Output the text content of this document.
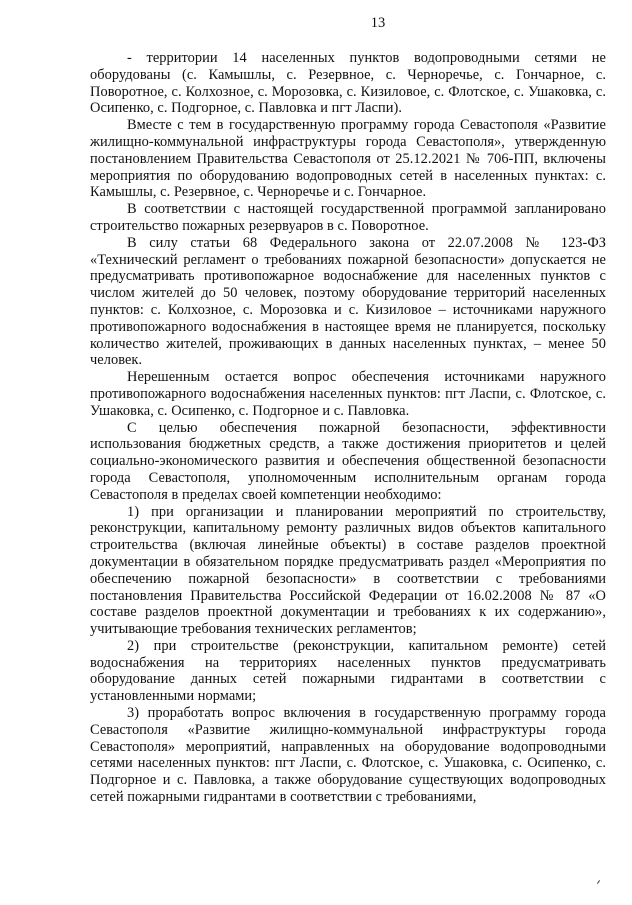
13

- территории 14 населенных пунктов водопроводными сетями не оборудованы (с. Камышлы, с. Резервное, с. Черноречье, с. Гончарное, с. Поворотное, с. Колхозное, с. Морозовка, с. Кизиловое, с. Флотское, с. Ушаковка, с. Осипенко, с. Подгорное, с. Павловка и пгт Ласпи).

Вместе с тем в государственную программу города Севастополя «Развитие жилищно-коммунальной инфраструктуры города Севастополя», утвержденную постановлением Правительства Севастополя от 25.12.2021 № 706-ПП, включены мероприятия по оборудованию водопроводных сетей в населенных пунктах: с. Камышлы, с. Резервное, с. Черноречье и с. Гончарное.

В соответствии с настоящей государственной программой запланировано строительство пожарных резервуаров в с. Поворотное.

В силу статьи 68 Федерального закона от 22.07.2008 № 123-ФЗ «Технический регламент о требованиях пожарной безопасности» допускается не предусматривать противопожарное водоснабжение для населенных пунктов с числом жителей до 50 человек, поэтому оборудование территорий населенных пунктов: с. Колхозное, с. Морозовка и с. Кизиловое – источниками наружного противопожарного водоснабжения в настоящее время не планируется, поскольку количество жителей, проживающих в данных населенных пунктах, – менее 50 человек.

Нерешенным остается вопрос обеспечения источниками наружного противопожарного водоснабжения населенных пунктов: пгт Ласпи, с. Флотское, с. Ушаковка, с. Осипенко, с. Подгорное и с. Павловка.

С целью обеспечения пожарной безопасности, эффективности использования бюджетных средств, а также достижения приоритетов и целей социально-экономического развития и обеспечения общественной безопасности города Севастополя, уполномоченным исполнительным органам города Севастополя в пределах своей компетенции необходимо:

1) при организации и планировании мероприятий по строительству, реконструкции, капитальному ремонту различных видов объектов капитального строительства (включая линейные объекты) в составе разделов проектной документации в обязательном порядке предусматривать раздел «Мероприятия по обеспечению пожарной безопасности» в соответствии с требованиями постановления Правительства Российской Федерации от 16.02.2008 № 87 «О составе разделов проектной документации и требованиях к их содержанию», учитывающие требования технических регламентов;

2) при строительстве (реконструкции, капитальном ремонте) сетей водоснабжения на территориях населенных пунктов предусматривать оборудование данных сетей пожарными гидрантами в соответствии с установленными нормами;

3) проработать вопрос включения в государственную программу города Севастополя «Развитие жилищно-коммунальной инфраструктуры города Севастополя» мероприятий, направленных на оборудование водопроводными сетями населенных пунктов: пгт Ласпи, с. Флотское, с. Ушаковка, с. Осипенко, с. Подгорное и с. Павловка, а также оборудование существующих водопроводных сетей пожарными гидрантами в соответствии с требованиями,
